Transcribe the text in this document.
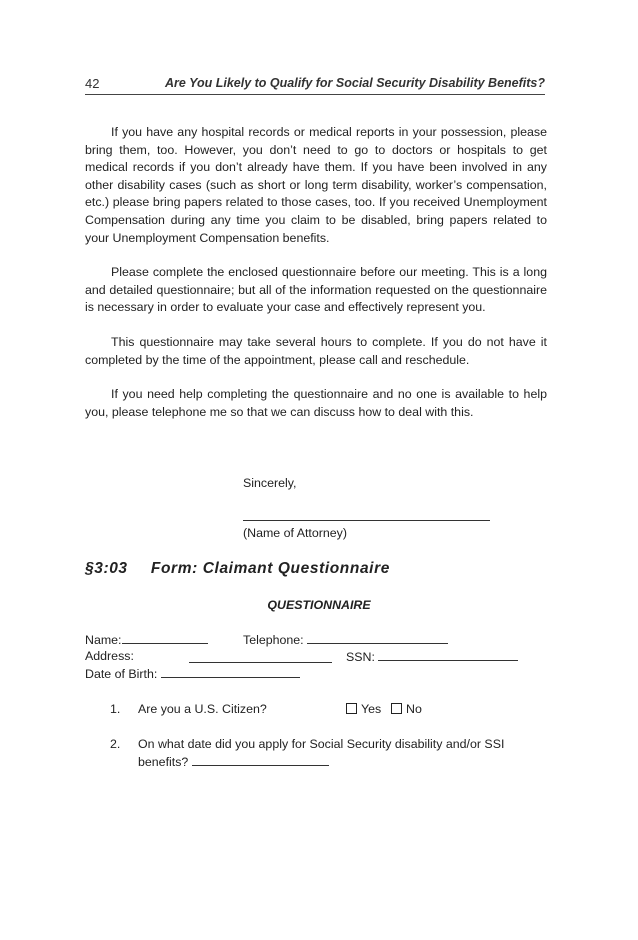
42	Are You Likely to Qualify for Social Security Disability Benefits?

If you have any hospital records or medical reports in your possession, please bring them, too. However, you don’t need to go to doctors or hospitals to get medical records if you don’t already have them. If you have been involved in any other disability cases (such as short or long term disability, worker’s compensation, etc.) please bring papers related to those cases, too. If you received Unemployment Compensation during any time you claim to be disabled, bring papers related to your Unemployment Compensation benefits.

Please complete the enclosed questionnaire before our meeting. This is a long and detailed questionnaire; but all of the information requested on the questionnaire is necessary in order to evaluate your case and effectively represent you.

This questionnaire may take several hours to complete. If you do not have it completed by the time of the appointment, please call and reschedule.

If you need help completing the questionnaire and no one is available to help you, please telephone me so that we can discuss how to deal with this.

Sincerely,
(Name of Attorney)
§3:03 Form: Claimant Questionnaire
QUESTIONNAIRE
Name:	Telephone:
Address:	SSN:
Date of Birth:
1. Are you a U.S. Citizen?	Yes	No
2. On what date did you apply for Social Security disability and/or SSI benefits?
